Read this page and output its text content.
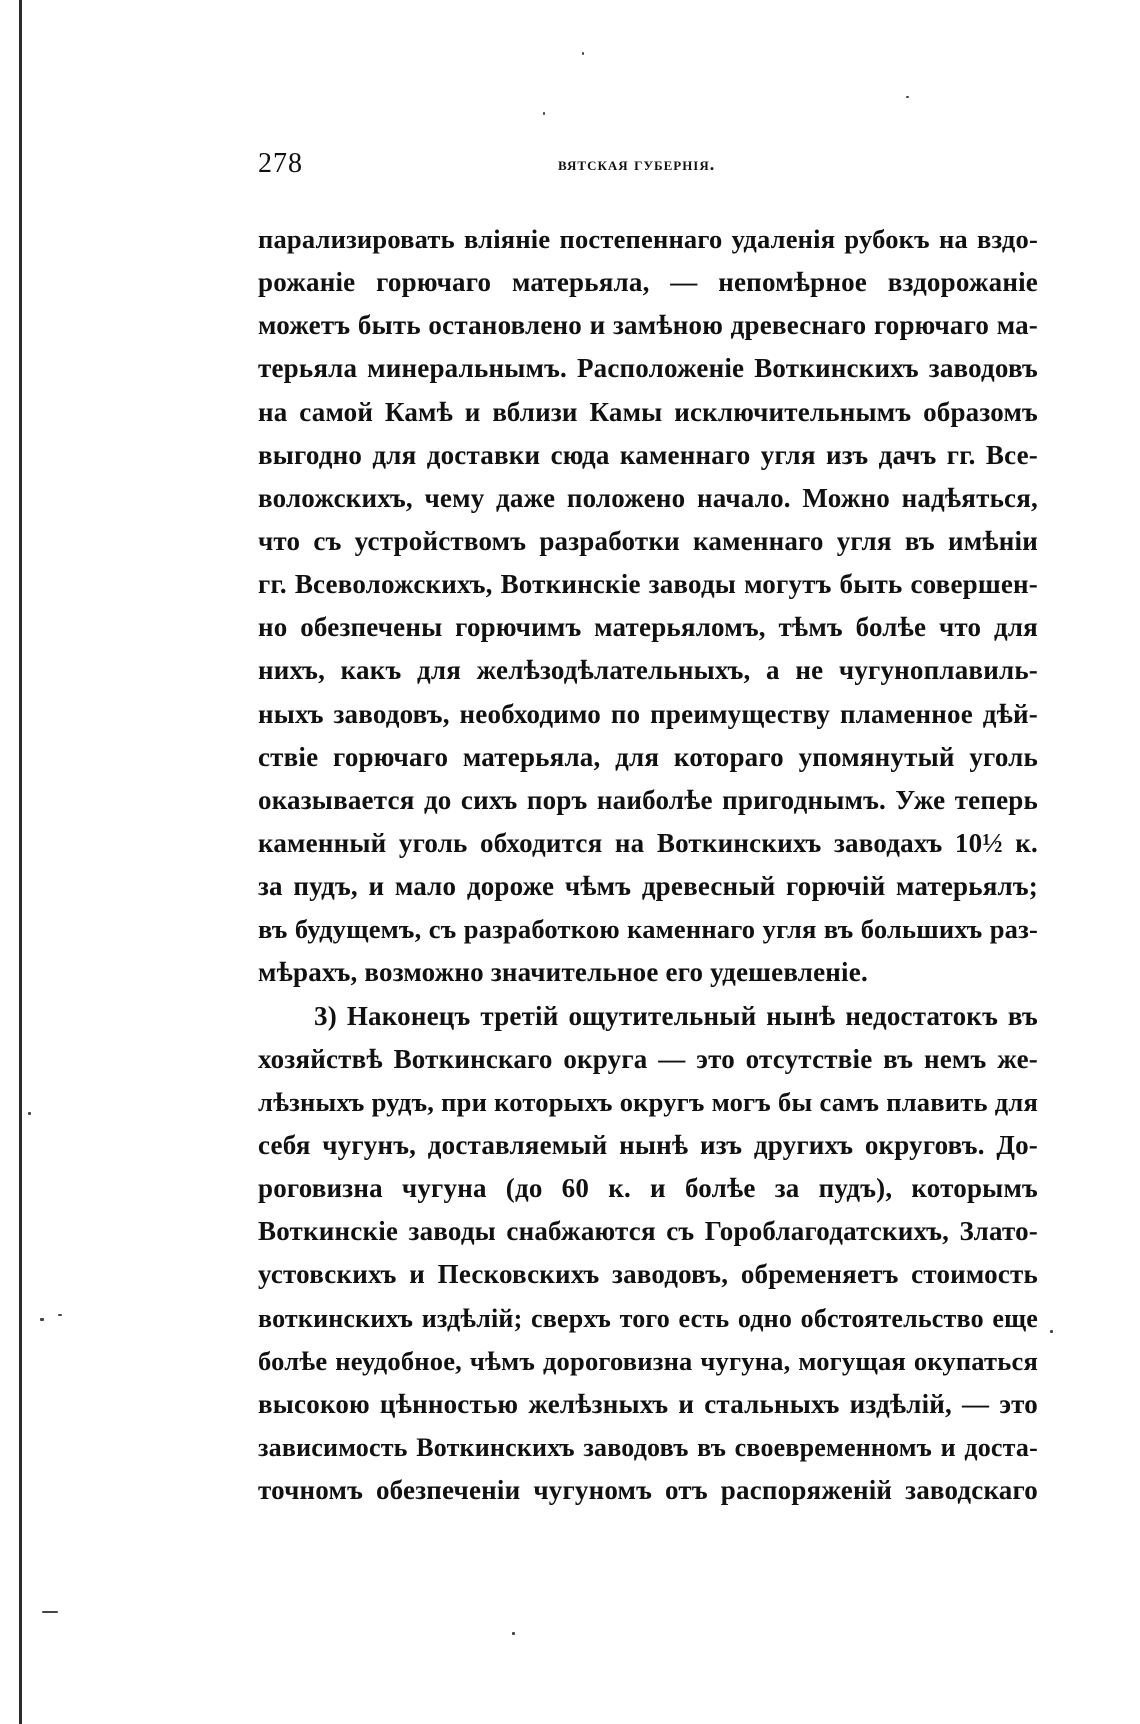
278	вятская губернія.
парализировать вліяніе постепеннаго удаленія рубокъ на вздо-
рожаніе горючаго матерьяла, — непомѣрное вздорожаніе
можетъ быть остановлено и замѣною древеснаго горючаго ма-
терьяла минеральнымъ. Расположеніе Воткинскихъ заводовъ
на самой Камѣ и вблизи Камы исключительнымъ образомъ
выгодно для доставки сюда каменнаго угля изъ дачъ гг. Все-
воложскихъ, чему даже положено начало. Можно надѣяться,
что съ устройствомъ разработки каменнаго угля въ имѣніи
гг. Всеволожскихъ, Воткинскіе заводы могутъ быть совершен-
но обезпечены горючимъ матерьяломъ, тѣмъ болѣе что для
нихъ, какъ для желѣзодѣлательныхъ, а не чугуноплавиль-
ныхъ заводовъ, необходимо по преимуществу пламенное дѣй-
ствіе горючаго матерьяла, для котораго упомянутый уголь
оказывается до сихъ поръ наиболѣе пригоднымъ. Уже теперь
каменный уголь обходится на Воткинскихъ заводахъ 10½ к.
за пудъ, и мало дороже чѣмъ древесный горючій матерьялъ;
въ будущемъ, съ разработкою каменнаго угля въ большихъ раз-
мѣрахъ, возможно значительное его удешевленіе.
3) Наконецъ третій ощутительный нынѣ недостатокъ въ
хозяйствѣ Воткинскаго округа — это отсутствіе въ немъ же-
лѣзныхъ рудъ, при которыхъ округъ могъ бы самъ плавить для
себя чугунъ, доставляемый нынѣ изъ другихъ округовъ. До-
роговизна чугуна (до 60 к. и болѣе за пудъ), которымъ
Воткинскіе заводы снабжаются съ Гороблагодатскихъ, Злато-
устовскихъ и Песковскихъ заводовъ, обременяетъ стоимость
воткинскихъ издѣлій; сверхъ того есть одно обстоятельство еще
болѣе неудобное, чѣмъ дороговизна чугуна, могущая окупаться
высокою цѣнностью желѣзныхъ и стальныхъ издѣлій, — это
зависимость Воткинскихъ заводовъ въ своевременномъ и доста-
точномъ обезпеченіи чугуномъ отъ распоряженій заводскаго
